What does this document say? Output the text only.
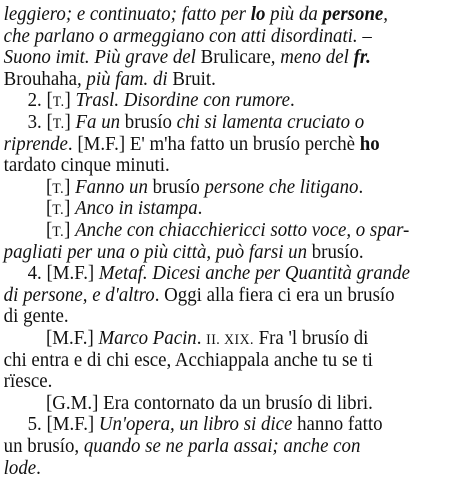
leggiero; e continuato; fatto per lo più da persone,
che parlano o armeggiano con atti disordinati. –
Suono imit. Più grave del Brulicare, meno del fr.
Brouhaha, più fam. di Bruit.
2. [T.] Trasl. Disordine con rumore.
3. [T.] Fa un brusío chi si lamenta cruciato o
riprende. [M.F.] E' m'ha fatto un brusío perchè ho
tardato cinque minuti.
[T.] Fanno un brusío persone che litigano.
[T.] Anco in istampa.
[T.] Anche con chiacchiericci sotto voce, o spar-
pagliati per una o più città, può farsi un brusío.
4. [M.F.] Metaf. Dicesi anche per Quantità grande
di persone, e d'altro. Oggi alla fiera ci era un brusío
di gente.
[M.F.] Marco Pacin. II. XIX. Fra 'l brusío di
chi entra e di chi esce, Acchiappala anche tu se ti
rïesce.
[G.M.] Era contornato da un brusío di libri.
5. [M.F.] Un'opera, un libro si dice hanno fatto
un brusío, quando se ne parla assai; anche con
lode.
